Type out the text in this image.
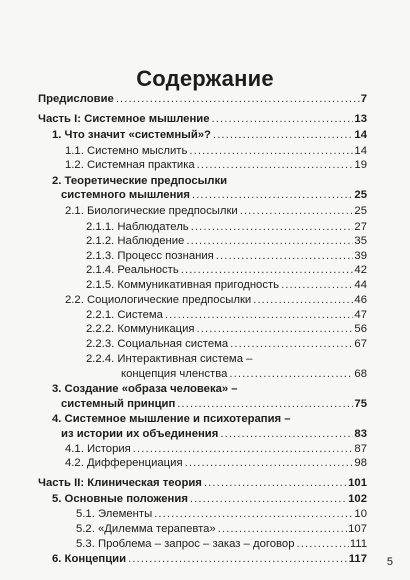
Содержание
Предисловие .....	7
Часть I: Системное мышление .....	13
1. Что значит «системный»? .....	14
1.1. Системно мыслить .....	14
1.2. Системная практика .....	19
2. Теоретические предпосылки
системного мышления .....	25
2.1. Биологические предпосылки .....	25
2.1.1. Наблюдатель .....	27
2.1.2. Наблюдение .....	35
2.1.3. Процесс познания .....	39
2.1.4. Реальность .....	42
2.1.5. Коммуникативная пригодность .....	44
2.2. Социологические предпосылки .....	46
2.2.1. Система .....	47
2.2.2. Коммуникация .....	56
2.2.3. Социальная система .....	67
2.2.4. Интерактивная система –
концепция членства .....	68
3. Создание «образа человека» –
системный принцип .....	75
4. Системное мышление и психотерапия –
из истории их объединения .....	83
4.1. История .....	87
4.2. Дифференциация .....	98
Часть II: Клиническая теория .....	101
5. Основные положения .....	102
5.1. Элементы .....	10
5.2. «Дилемма терапевта» .....	107
5.3. Проблема – запрос – заказ – договор .....	111
6. Концепции .....	117 5
